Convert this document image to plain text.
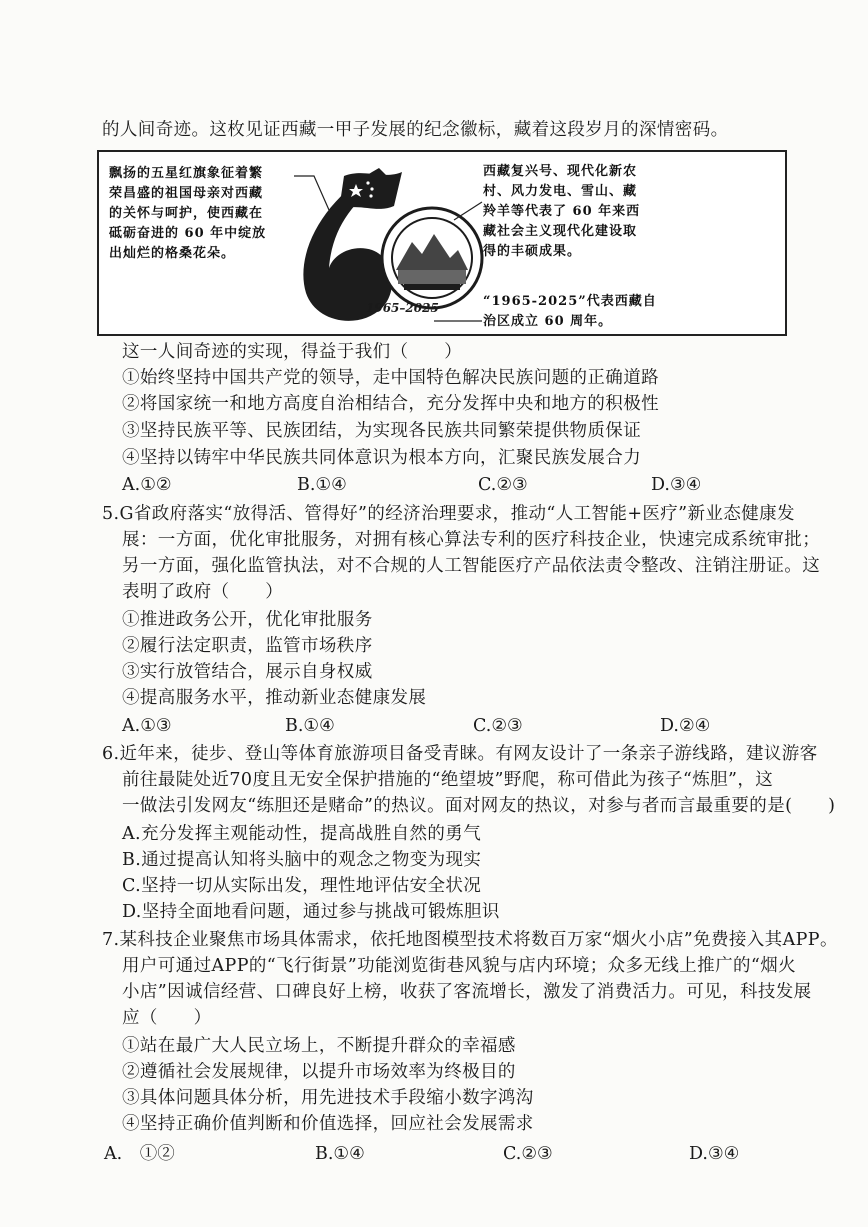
的人间奇迹。这枚见证西藏一甲子发展的纪念徽标，藏着这段岁月的深情密码。
飘扬的五星红旗象征着繁
荣昌盛的祖国母亲对西藏
的关怀与呵护，使西藏在
砥砺奋进的 60 年中绽放
出灿烂的格桑花朵。
1965–2025
西藏复兴号、现代化新农
村、风力发电、雪山、藏
羚羊等代表了 60 年来西
藏社会主义现代化建设取
得的丰硕成果。
“1965-2025”代表西藏自
治区成立 60 周年。
这一人间奇迹的实现，得益于我们（　　）
①始终坚持中国共产党的领导，走中国特色解决民族问题的正确道路
②将国家统一和地方高度自治相结合，充分发挥中央和地方的积极性
③坚持民族平等、民族团结，为实现各民族共同繁荣提供物质保证
④坚持以铸牢中华民族共同体意识为根本方向，汇聚民族发展合力
A.①②	B.①④	C.②③	D.③④
5.G省政府落实“放得活、管得好”的经济治理要求，推动“人工智能+医疗”新业态健康发
展：一方面，优化审批服务，对拥有核心算法专利的医疗科技企业，快速完成系统审批；
另一方面，强化监管执法，对不合规的人工智能医疗产品依法责令整改、注销注册证。这
表明了政府（　　）
①推进政务公开，优化审批服务
②履行法定职责，监管市场秩序
③实行放管结合，展示自身权威
④提高服务水平，推动新业态健康发展
A.①③	B.①④	C.②③	D.②④
6.近年来，徒步、登山等体育旅游项目备受青睐。有网友设计了一条亲子游线路，建议游客
前往最陡处近70度且无安全保护措施的“绝望坡”野爬，称可借此为孩子“炼胆”，这
一做法引发网友“练胆还是赌命”的热议。面对网友的热议，对参与者而言最重要的是(　　)
A.充分发挥主观能动性，提高战胜自然的勇气
B.通过提高认知将头脑中的观念之物变为现实
C.坚持一切从实际出发，理性地评估安全状况
D.坚持全面地看问题，通过参与挑战可锻炼胆识
7.某科技企业聚焦市场具体需求，依托地图模型技术将数百万家“烟火小店”免费接入其APP。
用户可通过APP的“飞行街景”功能浏览街巷风貌与店内环境；众多无线上推广的“烟火
小店”因诚信经营、口碑良好上榜，收获了客流增长，激发了消费活力。可见，科技发展
应（　　）
①站在最广大人民立场上，不断提升群众的幸福感
②遵循社会发展规律，以提升市场效率为终极目的
③具体问题具体分析，用先进技术手段缩小数字鸿沟
④坚持正确价值判断和价值选择，回应社会发展需求
A.　①②	B.①④	C.②③	D.③④
